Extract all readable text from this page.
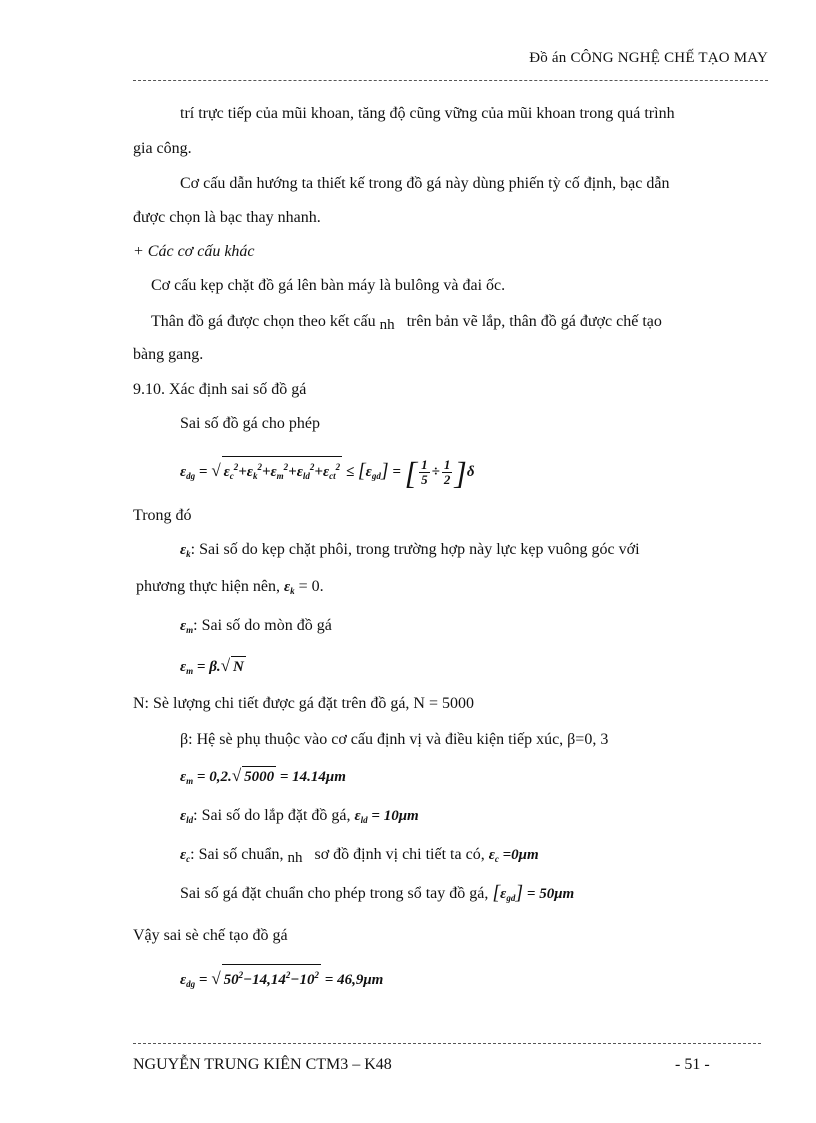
Đồ án CÔNG NGHỆ CHẾ TẠO MAY
trí trực tiếp của mũi khoan, tăng độ cũng vững của mũi khoan trong quá trình
gia công.
Cơ cấu dẫn hướng ta thiết kế trong đồ gá này dùng phiến tỳ cố định, bạc dẫn
được chọn là bạc thay nhanh.
+ Các cơ cấu khác
Cơ cấu kẹp chặt đồ gá lên bàn máy là bulông và đai ốc.
Thân đồ gá được chọn theo kết cấu nh trên bản vẽ lắp, thân đồ gá được chế tạo
bàng gang.
9.10. Xác định sai số đồ gá
Sai số đồ gá cho phép
$\varepsilon_{dg}$ = √ $\varepsilon_c^2+\varepsilon_k^2+\varepsilon_m^2+\varepsilon_{ld}^2+\varepsilon_{ct}^2 \le [\varepsilon_{gd}]$ = [ $\frac{1}{5} \div \frac{1}{2} ]\delta$
Trong đó
$\varepsilon_k$: Sai số do kẹp chặt phôi, trong trường hợp này lực kẹp vuông góc với
phương thực hiện nên, $\varepsilon_k = 0$.
$\varepsilon_m$: Sai số do mòn đồ gá
$\varepsilon_m = \beta.√$ N
N: Sè lượng chi tiết được gá đặt trên đồ gá, N = 5000
β: Hệ sè phụ thuộc vào cơ cấu định vị và điều kiện tiếp xúc, β=0, 3
$\varepsilon_m = 0,2.√$ 5000 = 14.14μm
$\varepsilon_{ld}$: Sai số do lắp đặt đồ gá, $\varepsilon_{ld} = 10\mu m$
$\varepsilon_c$: Sai số chuẩn, nh sơ đồ định vị chi tiết ta có, $\varepsilon_c =0\mu m$
Sai số gá đặt chuẩn cho phép trong sổ tay đồ gá, $[\varepsilon_{gd}] = 50\mu m$
Vậy sai sè chế tạo đồ gá
$\varepsilon_{dg}$ = √ $50^2-14,14^2-10^2 = 46,9\mu m$
NGUYỄN TRUNG KIÊN CTM3 – K48	- 51 -
